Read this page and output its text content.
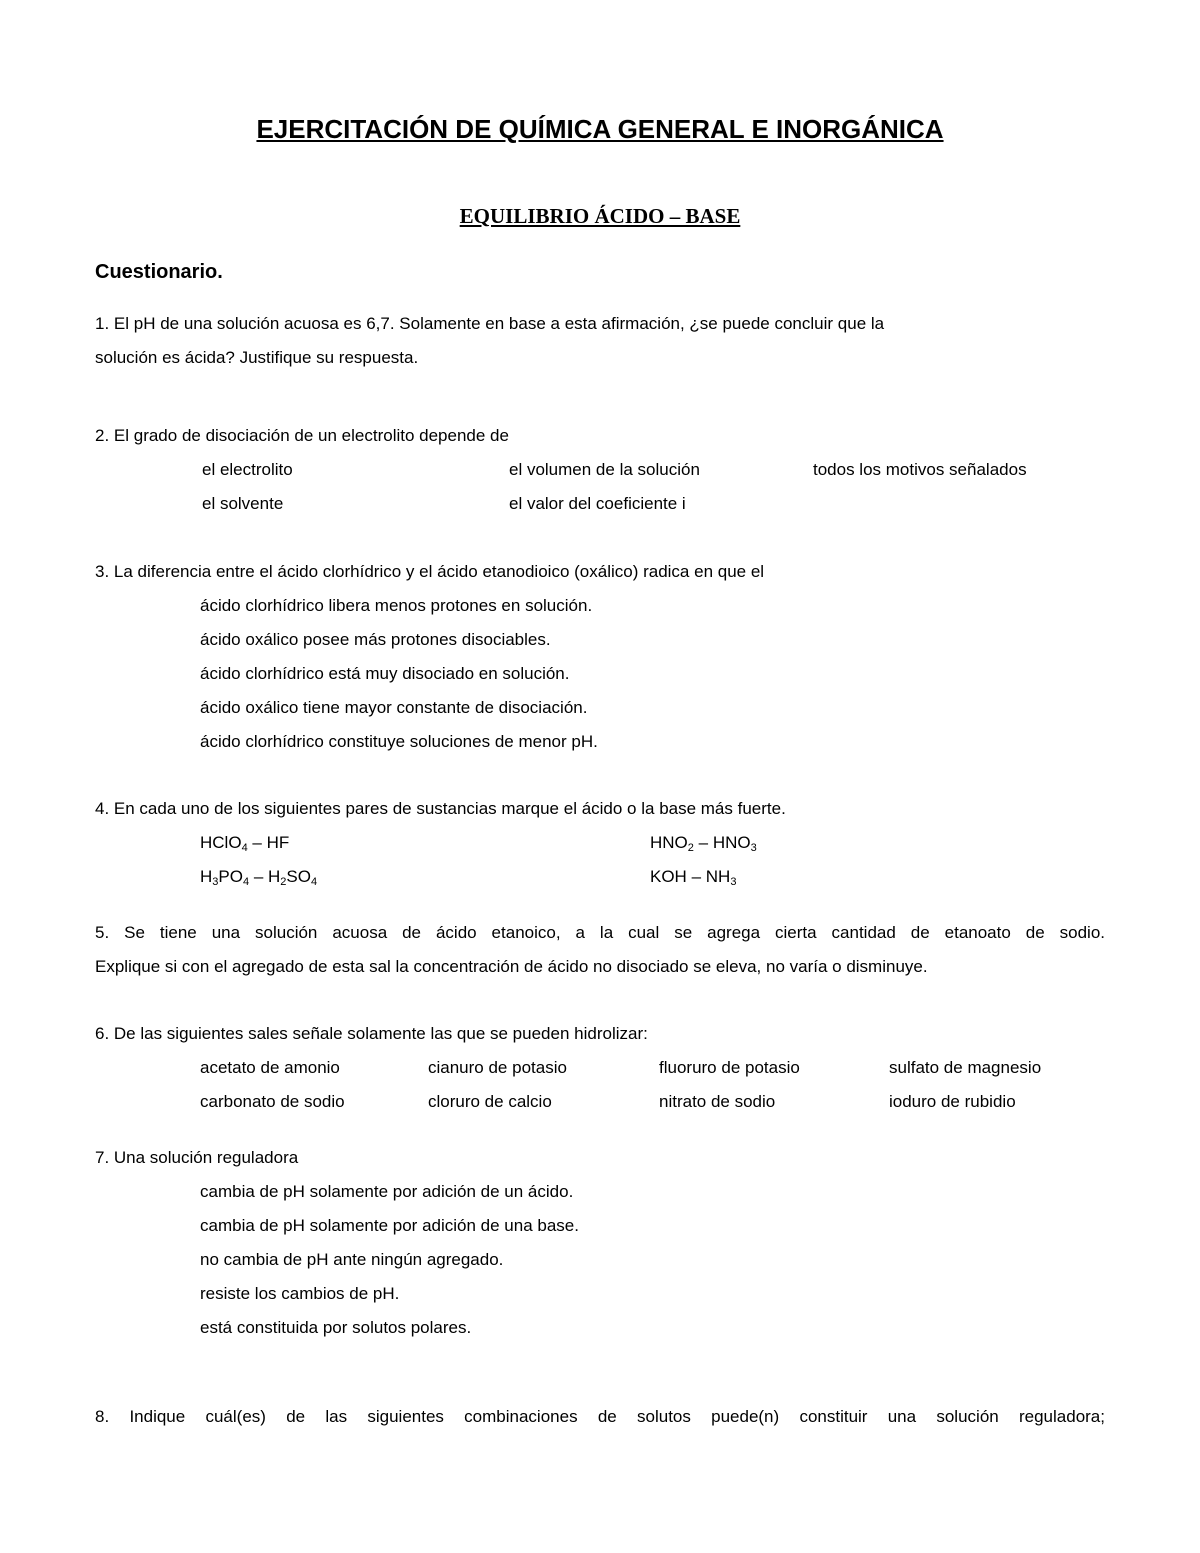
EJERCITACIÓN DE QUÍMICA GENERAL E INORGÁNICA
EQUILIBRIO ÁCIDO – BASE
Cuestionario.
1. El pH de una solución acuosa es 6,7. Solamente en base a esta afirmación, ¿se puede concluir que la
solución es ácida? Justifique su respuesta.
2. El grado de disociación de un electrolito depende de
el electrolito	el volumen de la solución	todos los motivos señalados
el solvente	el valor del coeficiente i
3. La diferencia entre el ácido clorhídrico y el ácido etanodioico (oxálico) radica en que el
ácido clorhídrico libera menos protones en solución.
ácido oxálico posee más protones disociables.
ácido clorhídrico está muy disociado en solución.
ácido oxálico tiene mayor constante de disociación.
ácido clorhídrico constituye soluciones de menor pH.
4. En cada uno de los siguientes pares de sustancias marque el ácido o la base más fuerte.
HClO$_4$ – HF	$HNO_2 - HNO_3$
$H_3PO_4 - H_2SO_4$	KOH – $NH_3$
5. Se tiene una solución acuosa de ácido etanoico, a la cual se agrega cierta cantidad de etanoato de sodio.
Explique si con el agregado de esta sal la concentración de ácido no disociado se eleva, no varía o disminuye.
6. De las siguientes sales señale solamente las que se pueden hidrolizar:
acetato de amonio	cianuro de potasio	fluoruro de potasio	sulfato de magnesio
carbonato de sodio	cloruro de calcio	nitrato de sodio	ioduro de rubidio
7. Una solución reguladora
cambia de pH solamente por adición de un ácido.
cambia de pH solamente por adición de una base.
no cambia de pH ante ningún agregado.
resiste los cambios de pH.
está constituida por solutos polares.
8. Indique cuál(es) de las siguientes combinaciones de solutos puede(n) constituir una solución reguladora;
